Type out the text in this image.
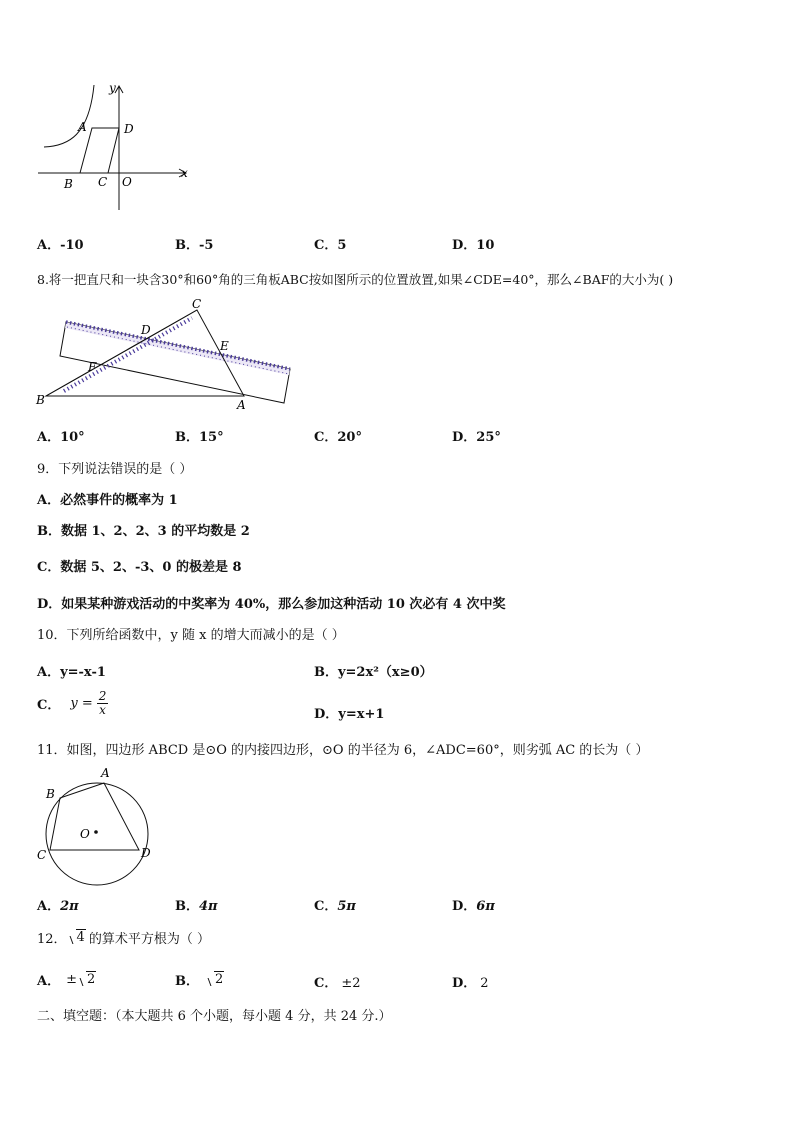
y
x
A	D
B C O
A．-10	B．-5	C．5	D．10
8.将一把直尺和一块含30°和60°角的三角板ABC按如图所示的位置放置,如果∠CDE=40°，那么∠BAF的大小为( )
C
D
E
F
B	A
A．10°	B．15°	C．20°	D．25°
9．下列说法错误的是（ ）
A．必然事件的概率为 1
B．数据 1、2、2、3 的平均数是 2
C．数据 5、2、-3、0 的极差是 8
D．如果某种游戏活动的中奖率为 40%，那么参加这种活动 10 次必有 4 次中奖
10．下列所给函数中，y 随 x 的增大而减小的是（ ）
A．y=-x-1	B．y=2x²（x≥0）
C． $y = \frac{2}{x}$	D．y=x+1
11．如图，四边形 ABCD 是⊙O 的内接四边形，⊙O 的半径为 6，∠ADC=60°，则劣弧 AC 的长为（ ）
A
B
C	D
O
A．2π	B．4π	C．5π	D．6π
12． 4 的算术平方根为（ ）
A． ± 2	B．	2	C． ±2	D． 2
二、填空题：（本大题共 6 个小题，每小题 4 分，共 24 分.）
